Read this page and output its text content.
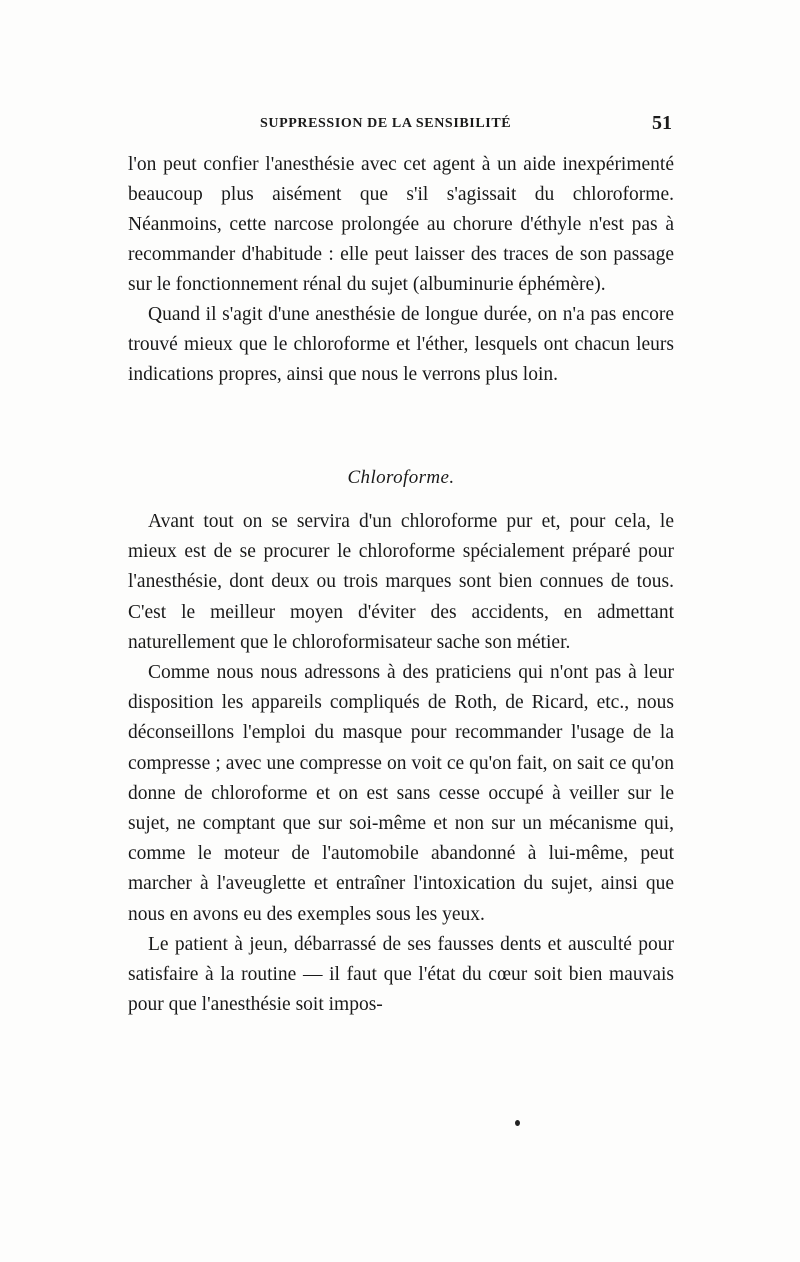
SUPPRESSION DE LA SENSIBILITÉ	51

l'on peut confier l'anesthésie avec cet agent à un aide inexpérimenté beaucoup plus aisément que s'il s'agissait du chloroforme. Néanmoins, cette narcose prolongée au chorure d'éthyle n'est pas à recommander d'habitude : elle peut laisser des traces de son passage sur le fonctionnement rénal du sujet (albuminurie éphémère).

Quand il s'agit d'une anesthésie de longue durée, on n'a pas encore trouvé mieux que le chloroforme et l'éther, lesquels ont chacun leurs indications propres, ainsi que nous le verrons plus loin.

Chloroforme.

Avant tout on se servira d'un chloroforme pur et, pour cela, le mieux est de se procurer le chloroforme spécialement préparé pour l'anesthésie, dont deux ou trois marques sont bien connues de tous. C'est le meilleur moyen d'éviter des accidents, en admettant naturellement que le chloroformisateur sache son métier.

Comme nous nous adressons à des praticiens qui n'ont pas à leur disposition les appareils compliqués de Roth, de Ricard, etc., nous déconseillons l'emploi du masque pour recommander l'usage de la compresse ; avec une compresse on voit ce qu'on fait, on sait ce qu'on donne de chloroforme et on est sans cesse occupé à veiller sur le sujet, ne comptant que sur soi-même et non sur un mécanisme qui, comme le moteur de l'automobile abandonné à lui-même, peut marcher à l'aveuglette et entraîner l'intoxication du sujet, ainsi que nous en avons eu des exemples sous les yeux.

Le patient à jeun, débarrassé de ses fausses dents et ausculté pour satisfaire à la routine — il faut que l'état du cœur soit bien mauvais pour que l'anesthésie soit impos-
